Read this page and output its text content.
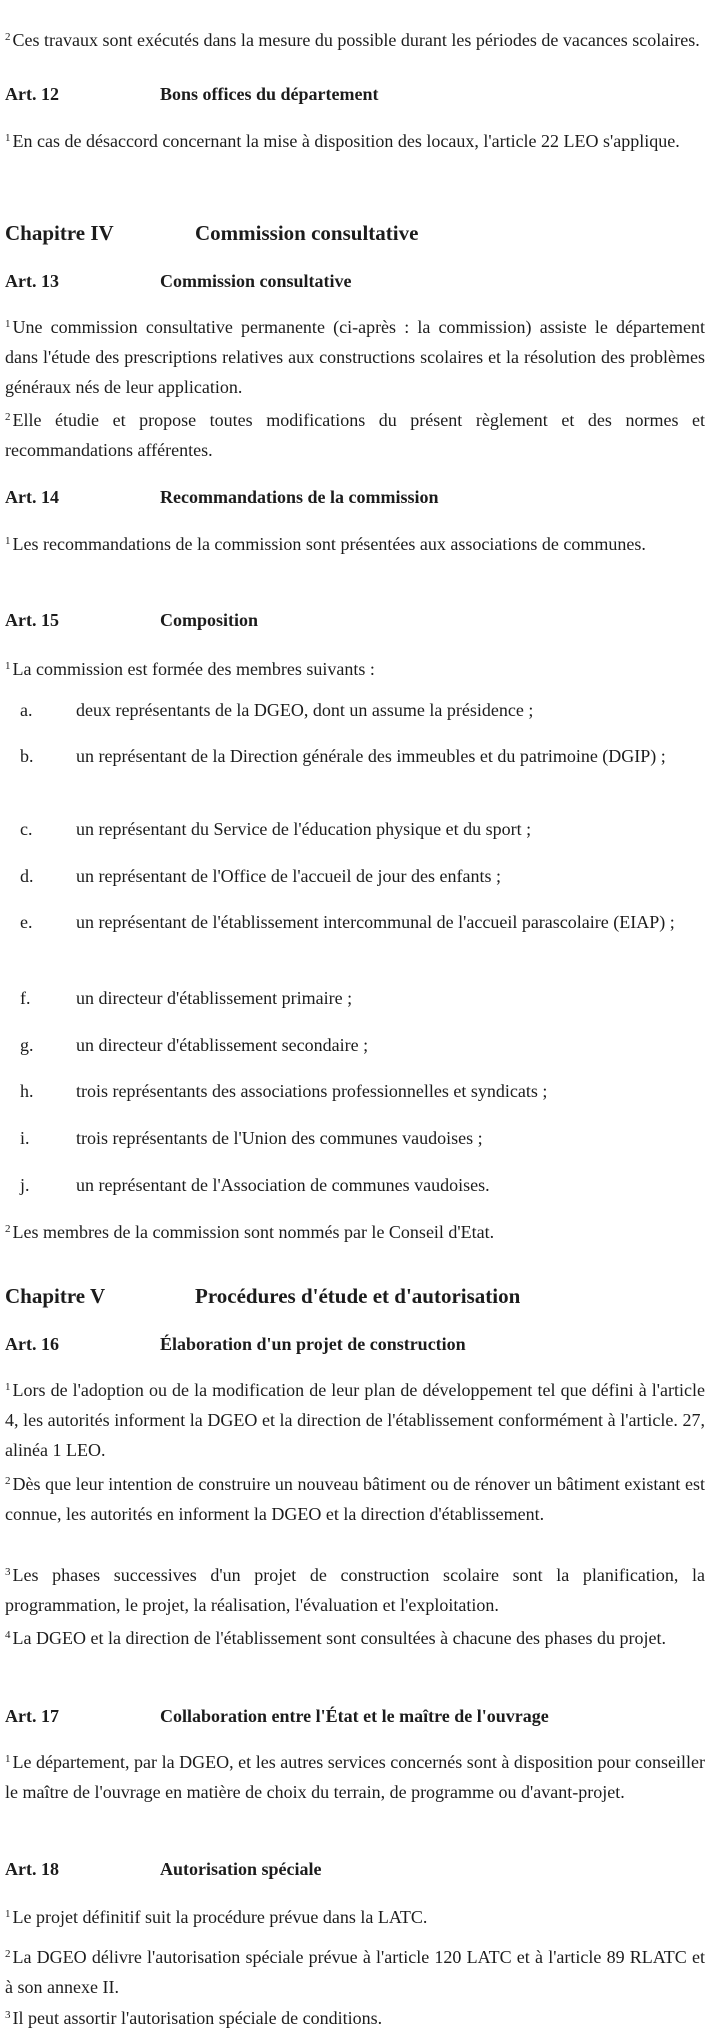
$^2$ Ces travaux sont exécutés dans la mesure du possible durant les périodes de vacances scolaires.

Art. 12	Bons offices du département

$^1$ En cas de désaccord concernant la mise à disposition des locaux, l'article 22 LEO s'applique.

Chapitre IV	Commission consultative
Art. 13	Commission consultative

$^1$ Une commission consultative permanente (ci-après : la commission) assiste le département dans l'étude des prescriptions relatives aux constructions scolaires et la résolution des problèmes généraux nés de leur application.

$^2$ Elle étudie et propose toutes modifications du présent règlement et des normes et recommandations afférentes.

Art. 14	Recommandations de la commission

$^1$ Les recommandations de la commission sont présentées aux associations de communes.

Art. 15	Composition

$^1$ La commission est formée des membres suivants :

a. deux représentants de la DGEO, dont un assume la présidence ;

b. un représentant de la Direction générale des immeubles et du patrimoine (DGIP) ;

c. un représentant du Service de l'éducation physique et du sport ;

d. un représentant de l'Office de l'accueil de jour des enfants ;

e. un représentant de l'établissement intercommunal de l'accueil parascolaire (EIAP) ;

f.	un directeur d'établissement primaire ;

g. un directeur d'établissement secondaire ;

h. trois représentants des associations professionnelles et syndicats ;

i.	trois représentants de l'Union des communes vaudoises ;

j.	un représentant de l'Association de communes vaudoises.

$^2$ Les membres de la commission sont nommés par le Conseil d'Etat.

Chapitre V	Procédures d'étude et d'autorisation
Art. 16	Élaboration d'un projet de construction

$^1$ Lors de l'adoption ou de la modification de leur plan de développement tel que défini à l'article 4, les autorités informent la DGEO et la direction de l'établissement conformément à l'article. 27, alinéa 1 LEO.

$^2$ Dès que leur intention de construire un nouveau bâtiment ou de rénover un bâtiment existant est connue, les autorités en informent la DGEO et la direction d'établissement.

$^3$ Les phases successives d'un projet de construction scolaire sont la planification, la programmation, le projet, la réalisation, l'évaluation et l'exploitation.

$^4$ La DGEO et la direction de l'établissement sont consultées à chacune des phases du projet.

Art. 17	Collaboration entre l'État et le maître de l'ouvrage

$^1$ Le département, par la DGEO, et les autres services concernés sont à disposition pour conseiller le maître de l'ouvrage en matière de choix du terrain, de programme ou d'avant-projet.

Art. 18	Autorisation spéciale

$^1$ Le projet définitif suit la procédure prévue dans la LATC.

$^2$ La DGEO délivre l'autorisation spéciale prévue à l'article 120 LATC et à l'article 89 RLATC et à son annexe II.

$^3$ Il peut assortir l'autorisation spéciale de conditions.
